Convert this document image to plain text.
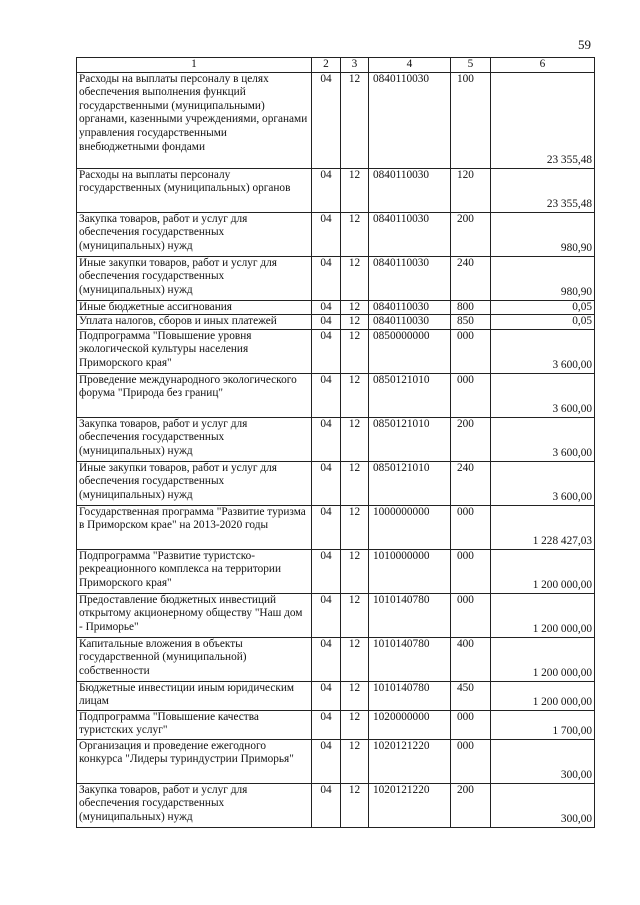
59
1	2	3	4	5	6
Расходы на выплаты персоналу в целях обеспечения выполнения функций государственными (муниципальными) органами, казенными учреждениями, органами управления государственными внебюджетными фондами	04	12	0840110030	100	23 355,48
Расходы на выплаты персоналу государственных (муниципальных) органов	04	12	0840110030	120	23 355,48
Закупка товаров, работ и услуг для обеспечения государственных (муниципальных) нужд	04	12	0840110030	200	980,90
Иные закупки товаров, работ и услуг для обеспечения государственных (муниципальных) нужд	04	12	0840110030	240	980,90
Иные бюджетные ассигнования	04	12	0840110030	800	0,05
Уплата налогов, сборов и иных платежей	04	12	0840110030	850	0,05
Подпрограмма "Повышение уровня экологической культуры населения Приморского края"	04	12	0850000000	000	3 600,00
Проведение международного экологического форума "Природа без границ"	04	12	0850121010	000	3 600,00
Закупка товаров, работ и услуг для обеспечения государственных (муниципальных) нужд	04	12	0850121010	200	3 600,00
Иные закупки товаров, работ и услуг для обеспечения государственных (муниципальных) нужд	04	12	0850121010	240	3 600,00
Государственная программа "Развитие туризма в Приморском крае" на 2013-2020 годы	04	12	1000000000	000	1 228 427,03
Подпрограмма "Развитие туристско-рекреационного комплекса на территории Приморского края"	04	12	1010000000	000	1 200 000,00
Предоставление бюджетных инвестиций открытому акционерному обществу "Наш дом - Приморье"	04	12	1010140780	000	1 200 000,00
Капитальные вложения в объекты государственной (муниципальной) собственности	04	12	1010140780	400	1 200 000,00
Бюджетные инвестиции иным юридическим лицам	04	12	1010140780	450	1 200 000,00
Подпрограмма "Повышение качества туристских услуг"	04	12	1020000000	000	1 700,00
Организация и проведение ежегодного конкурса "Лидеры туриндустрии Приморья"	04	12	1020121220	000	300,00
Закупка товаров, работ и услуг для обеспечения государственных (муниципальных) нужд	04	12	1020121220	200	300,00
